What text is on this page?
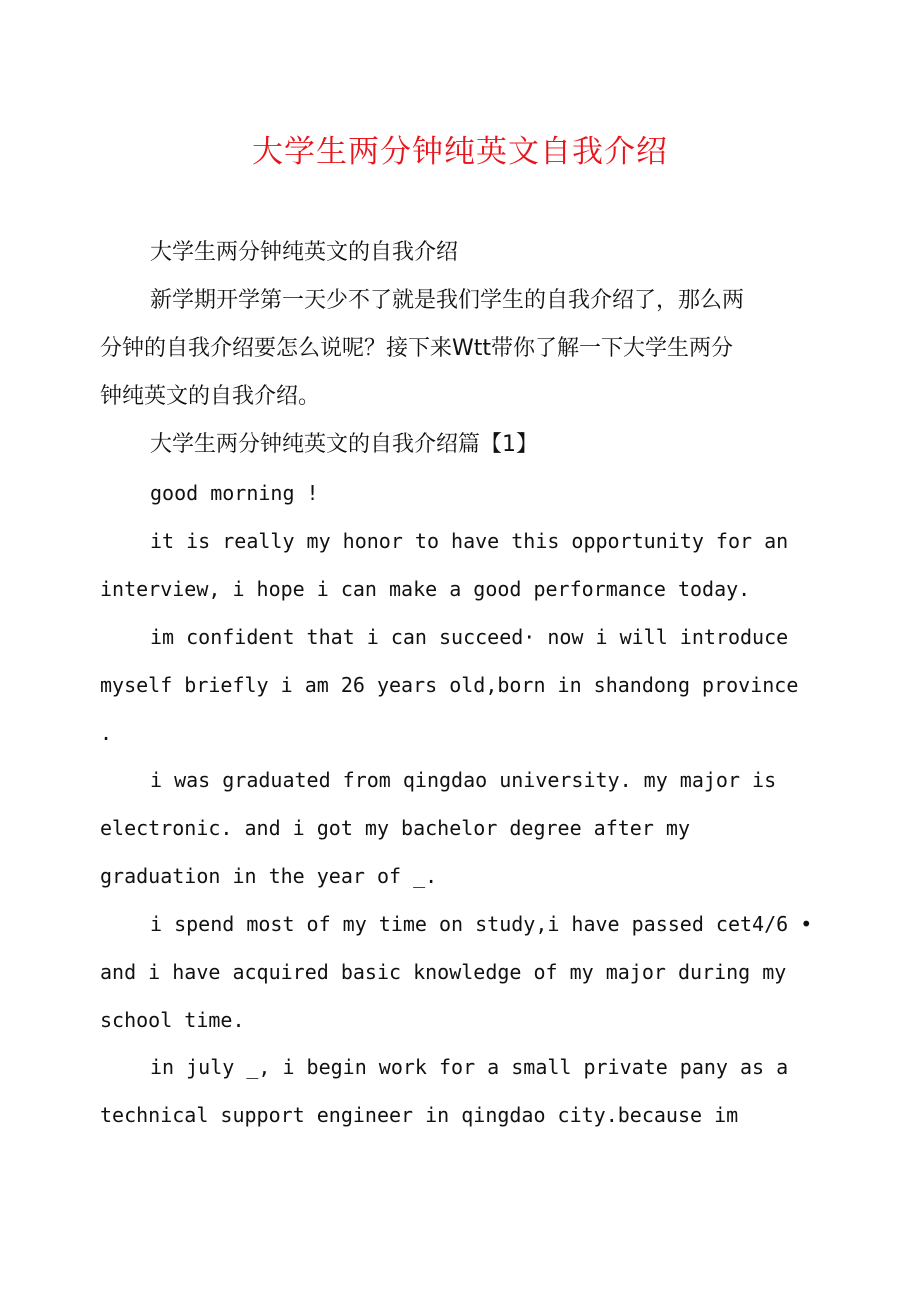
大学生两分钟纯英文自我介绍

大学生两分钟纯英文的自我介绍

新学期开学第一天少不了就是我们学生的自我介绍了，那么两
分钟的自我介绍要怎么说呢？接下来Wtt带你了解一下大学生两分
钟纯英文的自我介绍。

大学生两分钟纯英文的自我介绍篇【1】

good morning !

it is really my honor to have this opportunity for an
interview, i hope i can make a good performance today.

im confident that i can succeed· now i will introduce
myself briefly i am 26 years old,born in shandong province
.

i was graduated from qingdao university. my major is
electronic. and i got my bachelor degree after my
graduation in the year of _.

i spend most of my time on study,i have passed cet4/6 •
and i have acquired basic knowledge of my major during my
school time.

in july _, i begin work for a small private pany as a
technical support engineer in qingdao city.because im
